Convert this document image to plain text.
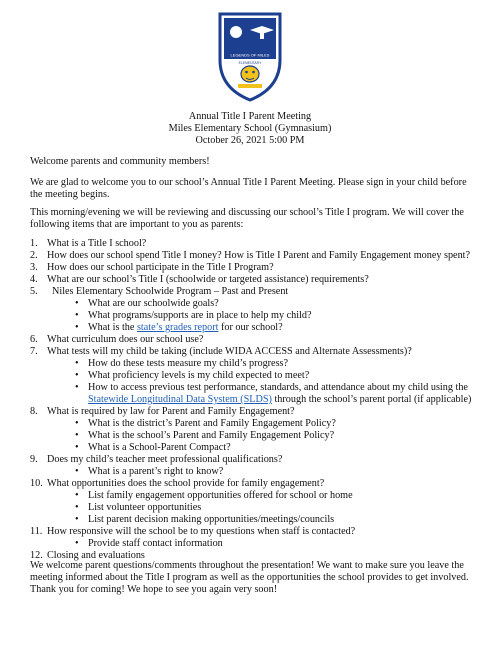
LEGENDS OF MILES
ELEMENTARY
Annual Title I Parent Meeting
Miles Elementary School (Gymnasium)
October 26, 2021 5:00 PM
Welcome parents and community members!
We are glad to welcome you to our school’s Annual Title I Parent Meeting. Please sign in your child before the meeting begins.
This morning/evening we will be reviewing and discussing our school’s Title I program. We will cover the following items that are important to you as parents:
1. What is a Title I school?
2. How does our school spend Title I money? How is Title I Parent and Family Engagement money spent?
3. How does our school participate in the Title I Program?
4. What are our school’s Title I (schoolwide or targeted assistance) requirements?
5. Niles Elementary Schoolwide Program – Past and Present
• What are our schoolwide goals?
• What programs/supports are in place to help my child?
• What is the state’s grades report for our school?
6. What curriculum does our school use?
7. What tests will my child be taking (include WIDA ACCESS and Alternate Assessments)?
• How do these tests measure my child’s progress?
• What proficiency levels is my child expected to meet?
• How to access previous test performance, standards, and attendance about my child using the Statewide Longitudinal Data System (SLDS) through the school’s parent portal (if applicable)
8. What is required by law for Parent and Family Engagement?
• What is the district’s Parent and Family Engagement Policy?
• What is the school’s Parent and Family Engagement Policy?
• What is a School-Parent Compact?
9. Does my child’s teacher meet professional qualifications?
• What is a parent’s right to know?
10. What opportunities does the school provide for family engagement?
• List family engagement opportunities offered for school or home
• List volunteer opportunities
• List parent decision making opportunities/meetings/councils
11. How responsive will the school be to my questions when staff is contacted?
• Provide staff contact information
12. Closing and evaluations
We welcome parent questions/comments throughout the presentation! We want to make sure you leave the meeting informed about the Title I program as well as the opportunities the school provides to get involved. Thank you for coming! We hope to see you again very soon!
